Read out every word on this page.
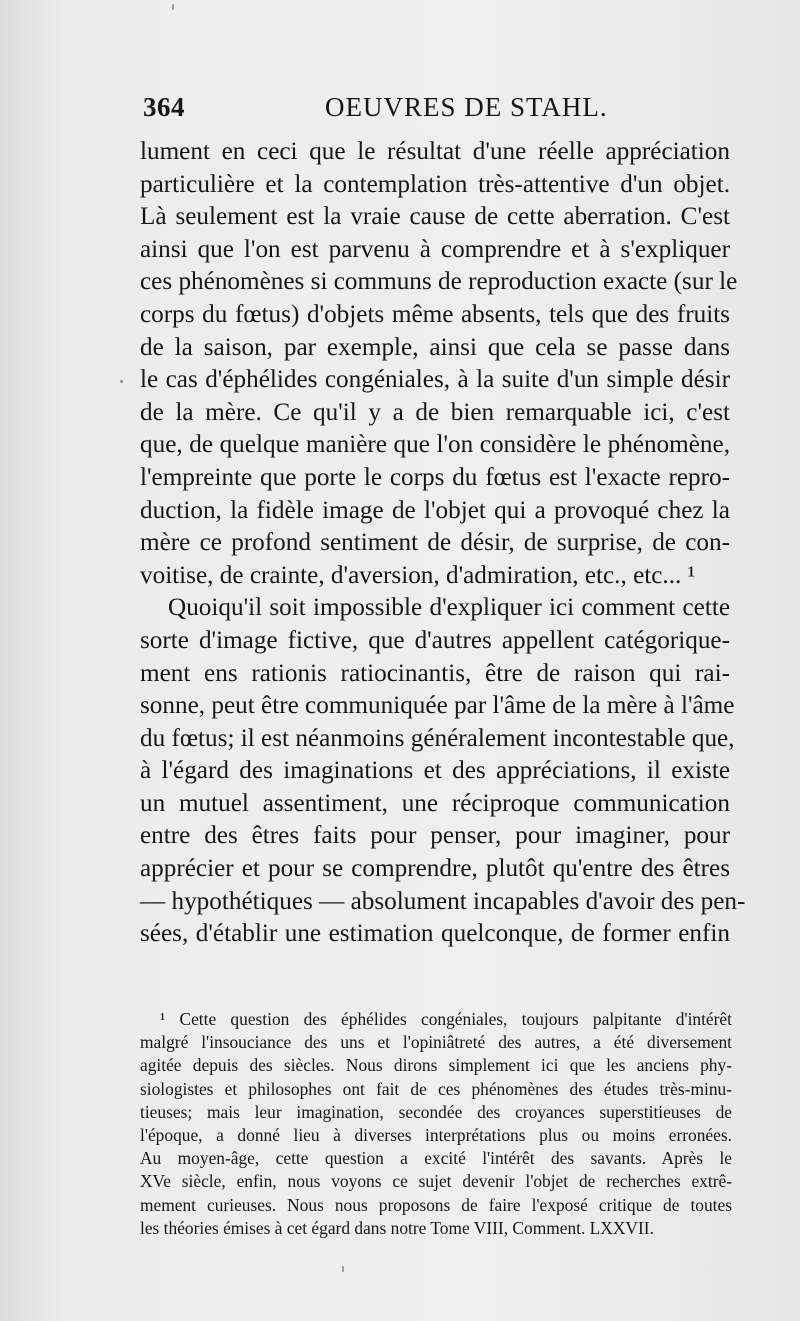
364	OEUVRES DE STAHL.
lument en ceci que le résultat d'une réelle appréciation
particulière et la contemplation très-attentive d'un objet.
Là seulement est la vraie cause de cette aberration. C'est
ainsi que l'on est parvenu à comprendre et à s'expliquer
ces phénomènes si communs de reproduction exacte (sur le
corps du fœtus) d'objets même absents, tels que des fruits
de la saison, par exemple, ainsi que cela se passe dans
le cas d'éphélides congéniales, à la suite d'un simple désir
de la mère. Ce qu'il y a de bien remarquable ici, c'est
que, de quelque manière que l'on considère le phénomène,
l'empreinte que porte le corps du fœtus est l'exacte repro-
duction, la fidèle image de l'objet qui a provoqué chez la
mère ce profond sentiment de désir, de surprise, de con-
voitise, de crainte, d'aversion, d'admiration, etc., etc... ¹
Quoiqu'il soit impossible d'expliquer ici comment cette
sorte d'image fictive, que d'autres appellent catégorique-
ment ens rationis ratiocinantis, être de raison qui rai-
sonne, peut être communiquée par l'âme de la mère à l'âme
du fœtus; il est néanmoins généralement incontestable que,
à l'égard des imaginations et des appréciations, il existe
un mutuel assentiment, une réciproque communication
entre des êtres faits pour penser, pour imaginer, pour
apprécier et pour se comprendre, plutôt qu'entre des êtres
— hypothétiques — absolument incapables d'avoir des pen-
sées, d'établir une estimation quelconque, de former enfin
¹ Cette question des éphélides congéniales, toujours palpitante d'intérêt
malgré l'insouciance des uns et l'opiniâtreté des autres, a été diversement
agitée depuis des siècles. Nous dirons simplement ici que les anciens phy-
siologistes et philosophes ont fait de ces phénomènes des études très-minu-
tieuses; mais leur imagination, secondée des croyances superstitieuses de
l'époque, a donné lieu à diverses interprétations plus ou moins erronées.
Au moyen-âge, cette question a excité l'intérêt des savants. Après le
XVe siècle, enfin, nous voyons ce sujet devenir l'objet de recherches extrê-
mement curieuses. Nous nous proposons de faire l'exposé critique de toutes
les théories émises à cet égard dans notre Tome VIII, Comment. LXXVII.
